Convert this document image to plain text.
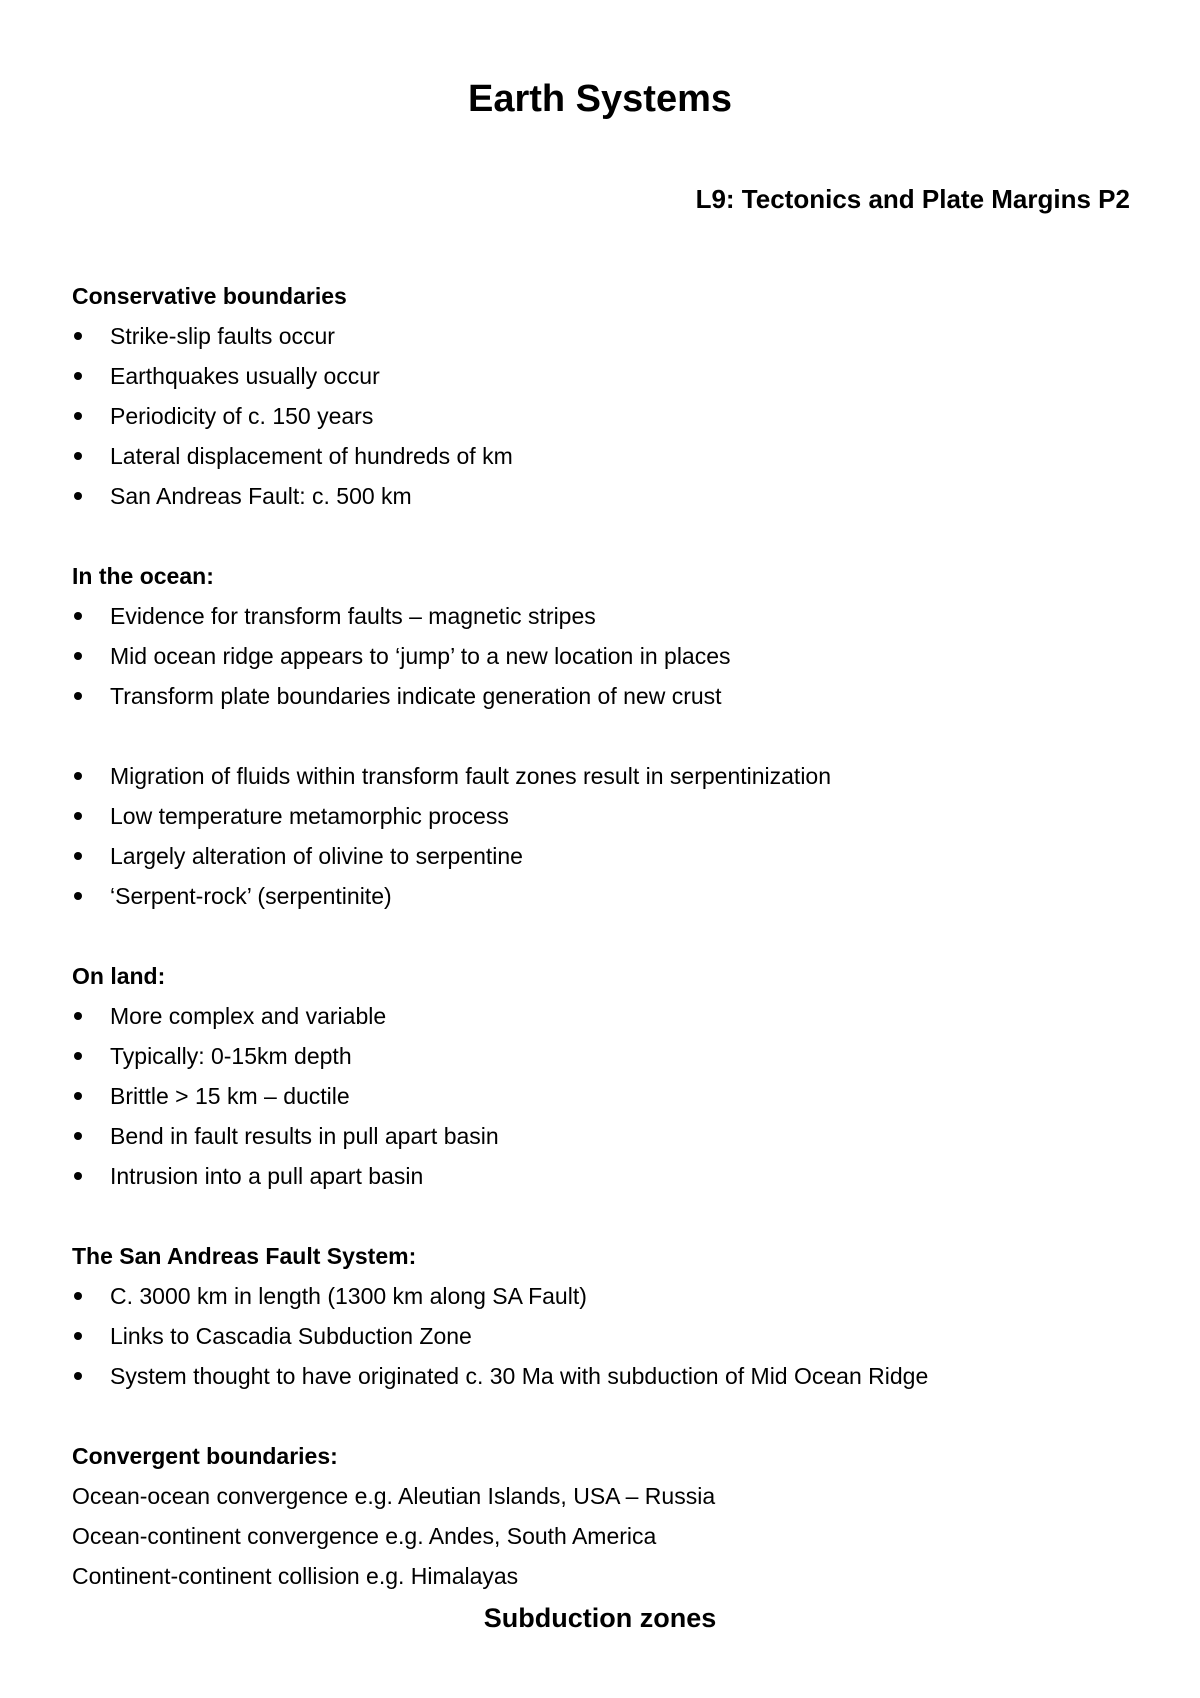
Earth Systems
L9: Tectonics and Plate Margins P2
Conservative boundaries
Strike-slip faults occur
Earthquakes usually occur
Periodicity of c. 150 years
Lateral displacement of hundreds of km
San Andreas Fault: c. 500 km
In the ocean:
Evidence for transform faults – magnetic stripes
Mid ocean ridge appears to ‘jump’ to a new location in places
Transform plate boundaries indicate generation of new crust
Migration of fluids within transform fault zones result in serpentinization
Low temperature metamorphic process
Largely alteration of olivine to serpentine
‘Serpent-rock’ (serpentinite)
On land:
More complex and variable
Typically: 0-15km depth
Brittle > 15 km – ductile
Bend in fault results in pull apart basin
Intrusion into a pull apart basin
The San Andreas Fault System:
C. 3000 km in length (1300 km along SA Fault)
Links to Cascadia Subduction Zone
System thought to have originated c. 30 Ma with subduction of Mid Ocean Ridge
Convergent boundaries:
Ocean-ocean convergence e.g. Aleutian Islands, USA – Russia
Ocean-continent convergence e.g. Andes, South America
Continent-continent collision e.g. Himalayas
Subduction zones
